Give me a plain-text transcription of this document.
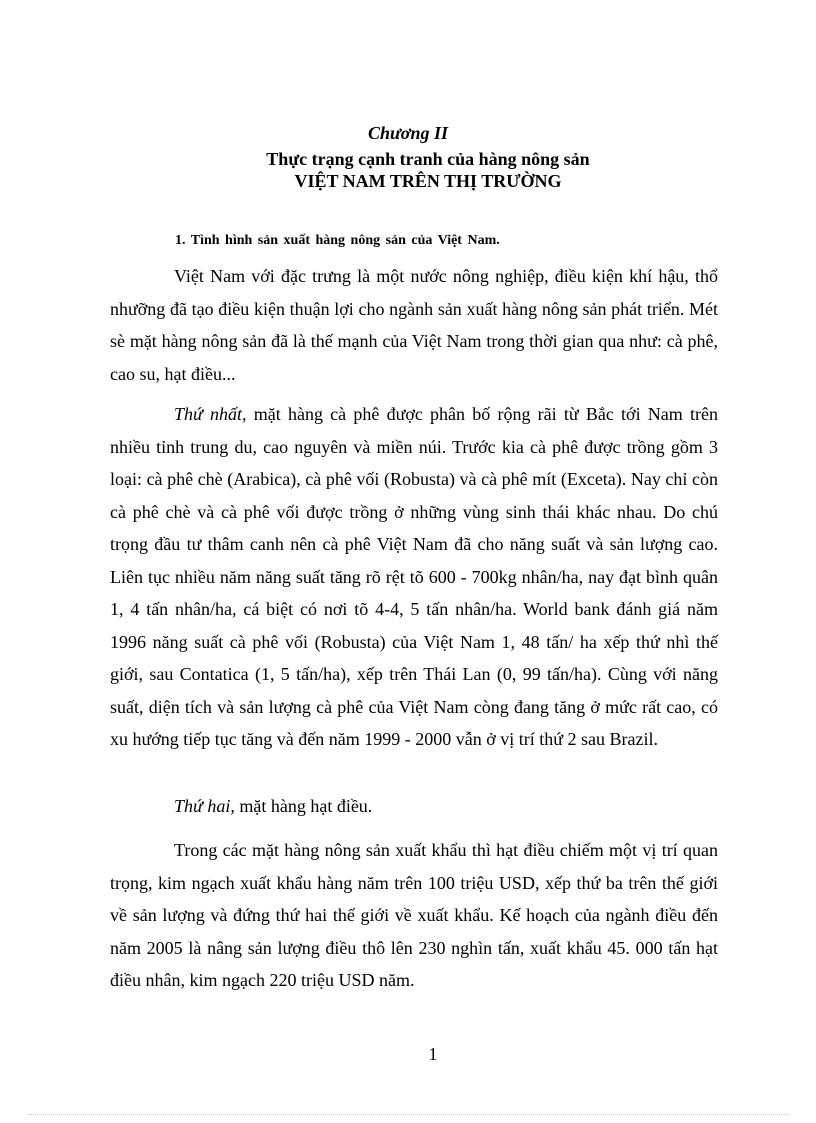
Chương II
Thực trạng cạnh tranh của hàng nông sản
VIỆT NAM TRÊN THỊ TRƯỜNG
1. Tình hình sản xuất hàng nông sản của Việt Nam.

Việt Nam với đặc trưng là một nước nông nghiệp, điều kiện khí hậu, thổ nhưỡng đã tạo điều kiện thuận lợi cho ngành sản xuất hàng nông sản phát triển. Mét sè mặt hàng nông sản đã là thế mạnh của Việt Nam trong thời gian qua như: cà phê, cao su, hạt điều...

Thứ nhất, mặt hàng cà phê được phân bố rộng rãi từ Bắc tới Nam trên nhiều tỉnh trung du, cao nguyên và miền núi. Trước kia cà phê được trồng gồm 3 loại: cà phê chè (Arabica), cà phê vối (Robusta) và cà phê mít (Exceta). Nay chỉ còn cà phê chè và cà phê vối được trồng ở những vùng sinh thái khác nhau. Do chú trọng đầu tư thâm canh nên cà phê Việt Nam đã cho năng suất và sản lượng cao. Liên tục nhiều năm năng suất tăng rõ rệt tõ 600 - 700kg nhân/ha, nay đạt bình quân 1, 4 tấn nhân/ha, cá biệt có nơi tõ 4-4, 5 tấn nhân/ha. World bank đánh giá năm 1996 năng suất cà phê vối (Robusta) của Việt Nam 1, 48 tấn/ ha xếp thứ nhì thế giới, sau Contatica (1, 5 tấn/ha), xếp trên Thái Lan (0, 99 tấn/ha). Cùng với năng suất, diện tích và sản lượng cà phê của Việt Nam còng đang tăng ở mức rất cao, có xu hướng tiếp tục tăng và đến năm 1999 - 2000 vẫn ở vị trí thứ 2 sau Brazil.

Thứ hai, mặt hàng hạt điều.

Trong các mặt hàng nông sản xuất khẩu thì hạt điều chiếm một vị trí quan trọng, kim ngạch xuất khẩu hàng năm trên 100 triệu USD, xếp thứ ba trên thế giới về sản lượng và đứng thứ hai thế giới về xuất khẩu. Kế hoạch của ngành điều đến năm 2005 là nâng sản lượng điều thô lên 230 nghìn tấn, xuất khẩu 45. 000 tấn hạt điều nhân, kim ngạch 220 triệu USD năm.

1
